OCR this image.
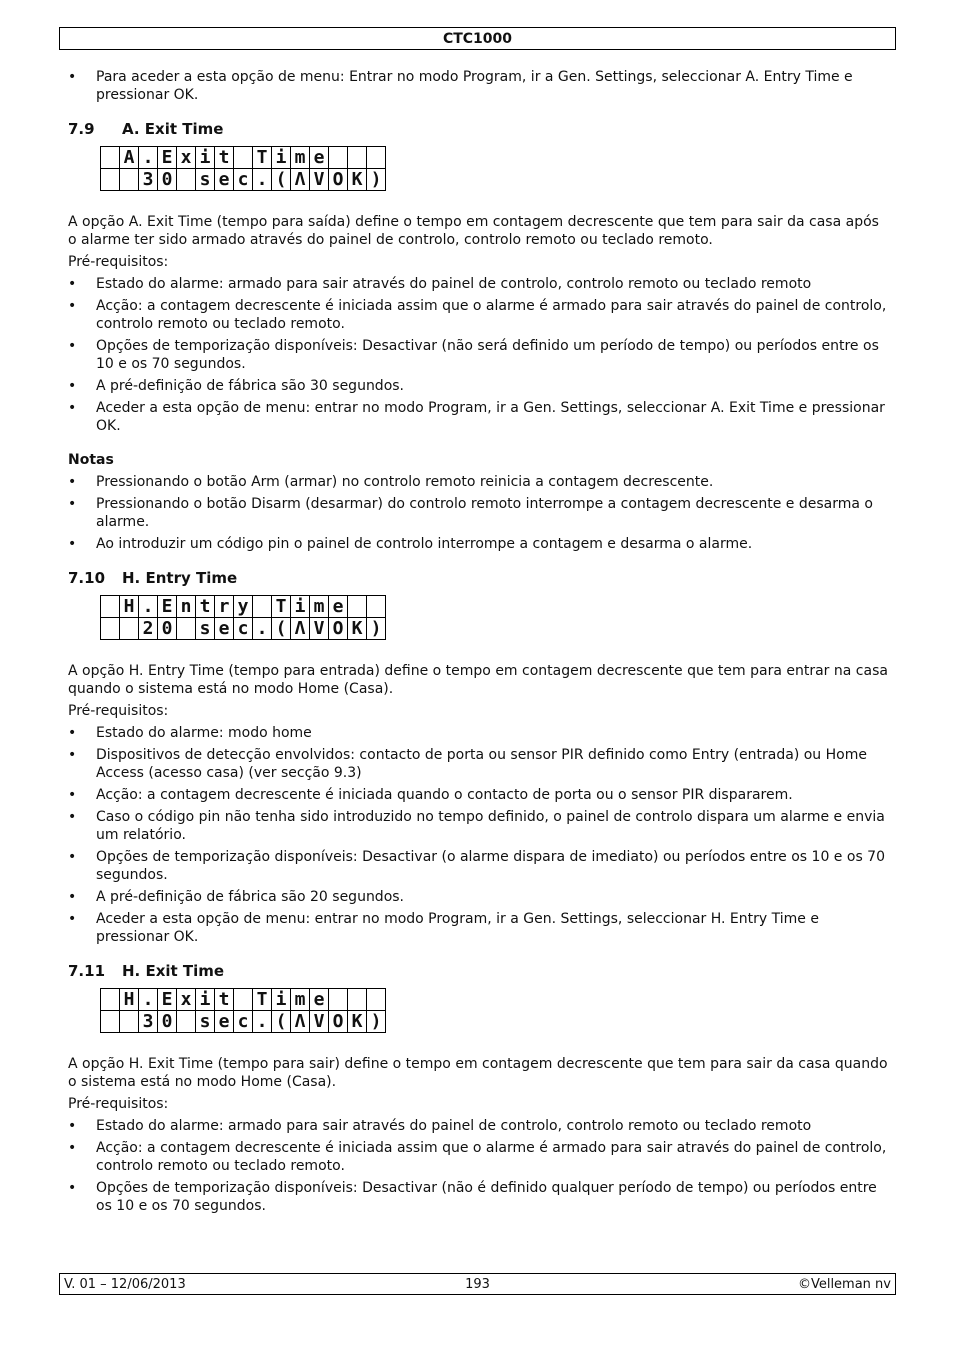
CTC1000
• Para aceder a esta opção de menu: Entrar no modo Program, ir a Gen. Settings, seleccionar A. Entry Time e pressionar OK.
7.9 A. Exit Time
	A	.	E	x	i	t		T	i	m	e			
		3	0		s	e	c	.	(	Λ	V	O	K	)

A opção A. Exit Time (tempo para saída) define o tempo em contagem decrescente que tem para sair da casa após o alarme ter sido armado através do painel de controlo, controlo remoto ou teclado remoto.

Pré-requisitos:

• Estado do alarme: armado para sair através do painel de controlo, controlo remoto ou teclado remoto
• Acção: a contagem decrescente é iniciada assim que o alarme é armado para sair através do painel de controlo, controlo remoto ou teclado remoto.
• Opções de temporização disponíveis: Desactivar (não será definido um período de tempo) ou períodos entre os 10 e os 70 segundos.
• A pré-definição de fábrica são 30 segundos.
• Aceder a esta opção de menu: entrar no modo Program, ir a Gen. Settings, seleccionar A. Exit Time e pressionar OK.
Notas
• Pressionando o botão Arm (armar) no controlo remoto reinicia a contagem decrescente.
• Pressionando o botão Disarm (desarmar) do controlo remoto interrompe a contagem decrescente e desarma o alarme.
• Ao introduzir um código pin o painel de controlo interrompe a contagem e desarma o alarme.
7.10 H. Entry Time
	H	.	E	n	t	r	y		T	i	m	e		
		2	0		s	e	c	.	(	Λ	V	O	K	)

A opção H. Entry Time (tempo para entrada) define o tempo em contagem decrescente que tem para entrar na casa quando o sistema está no modo Home (Casa).

Pré-requisitos:

• Estado do alarme: modo home
• Dispositivos de detecção envolvidos: contacto de porta ou sensor PIR definido como Entry (entrada) ou Home Access (acesso casa) (ver secção 9.3)
• Acção: a contagem decrescente é iniciada quando o contacto de porta ou o sensor PIR dispararem.
• Caso o código pin não tenha sido introduzido no tempo definido, o painel de controlo dispara um alarme e envia um relatório.
• Opções de temporização disponíveis: Desactivar (o alarme dispara de imediato) ou períodos entre os 10 e os 70 segundos.
• A pré-definição de fábrica são 20 segundos.
• Aceder a esta opção de menu: entrar no modo Program, ir a Gen. Settings, seleccionar H. Entry Time e pressionar OK.
7.11 H. Exit Time
	H	.	E	x	i	t		T	i	m	e			
		3	0		s	e	c	.	(	Λ	V	O	K	)

A opção H. Exit Time (tempo para sair) define o tempo em contagem decrescente que tem para sair da casa quando o sistema está no modo Home (Casa).

Pré-requisitos:

• Estado do alarme: armado para sair através do painel de controlo, controlo remoto ou teclado remoto
• Acção: a contagem decrescente é iniciada assim que o alarme é armado para sair através do painel de controlo, controlo remoto ou teclado remoto.
• Opções de temporização disponíveis: Desactivar (não é definido qualquer período de tempo) ou períodos entre os 10 e os 70 segundos.
V. 01 – 12/06/2013	193	©Velleman nv
